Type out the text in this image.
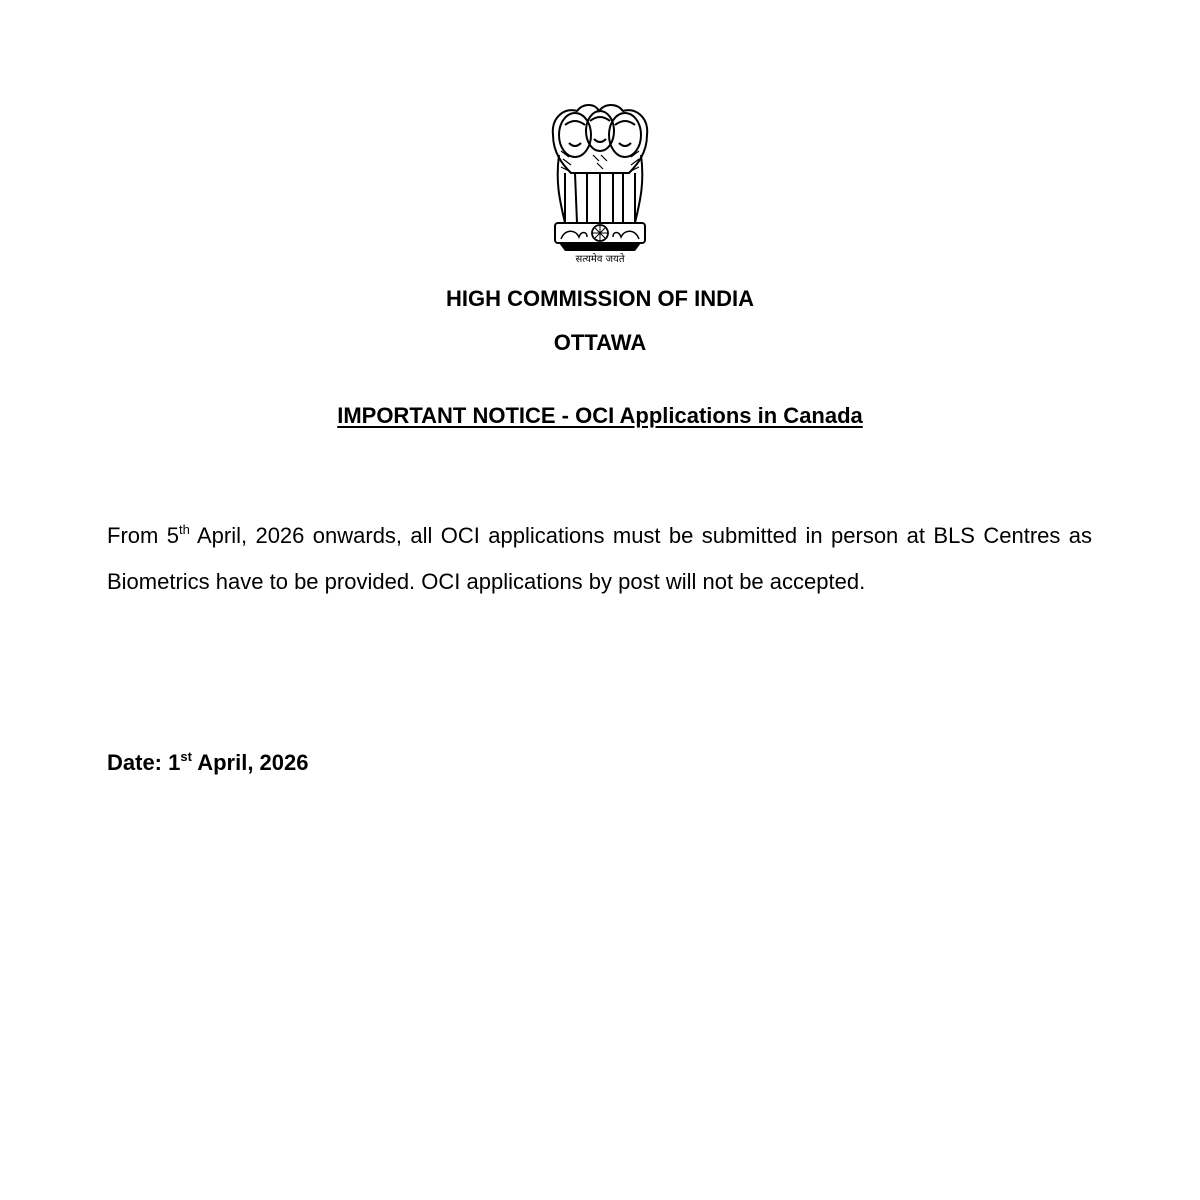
सत्यमेव जयते
HIGH COMMISSION OF INDIA
OTTAWA
IMPORTANT NOTICE - OCI Applications in Canada
From 5th April, 2026 onwards, all OCI applications must be submitted in person at BLS Centres as Biometrics have to be provided. OCI applications by post will not be accepted.
Date: 1st April, 2026
